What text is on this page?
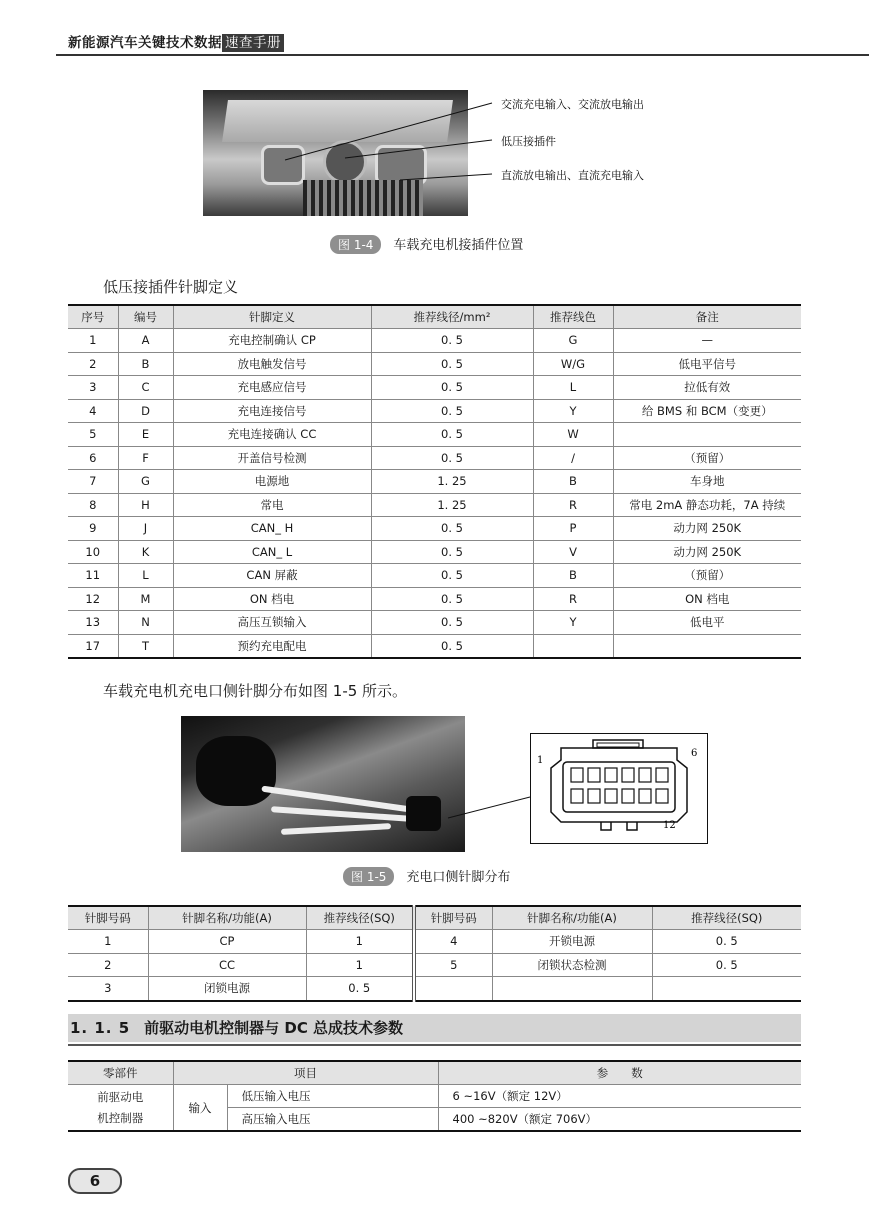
新能源汽车关键技术数据 速查手册
交流充电输入、交流放电输出
低压接插件
直流放电输出、直流充电输入
图 1-4 车载充电机接插件位置
低压接插件针脚定义
序号	编号	针脚定义	推荐线径/mm²	推荐线色	备注
1	A	充电控制确认 CP	0. 5	G	—
2	B	放电触发信号	0. 5	W/G	低电平信号
3	C	充电感应信号	0. 5	L	拉低有效
4	D	充电连接信号	0. 5	Y	给 BMS 和 BCM（变更）
5	E	充电连接确认 CC	0. 5	W	
6	F	开盖信号检测	0. 5	/	（预留）
7	G	电源地	1. 25	B	车身地
8	H	常电	1. 25	R	常电 2mA 静态功耗，7A 持续
9	J	CAN_ H	0. 5	P	动力网 250K
10	K	CAN_ L	0. 5	V	动力网 250K
11	L	CAN 屏蔽	0. 5	B	（预留）
12	M	ON 档电	0. 5	R	ON 档电
13	N	高压互锁输入	0. 5	Y	低电平
17	T	预约充电配电	0. 5		
车载充电机充电口侧针脚分布如图 1-5 所示。
1
6
12
图 1-5 充电口侧针脚分布
针脚号码	针脚名称/功能(A)	推荐线径(SQ)	针脚号码	针脚名称/功能(A)	推荐线径(SQ)
1	CP	1	4	开锁电源	0. 5
2	CC	1	5	闭锁状态检测	0. 5
3	闭锁电源	0. 5			
1. 1. 5 前驱动电机控制器与 DC 总成技术参数
零部件	项目		参　　数
前驱动电
机控制器	输入	低压输入电压	6 ~16V（额定 12V）
		高压输入电压	400 ~820V（额定 706V）
6
